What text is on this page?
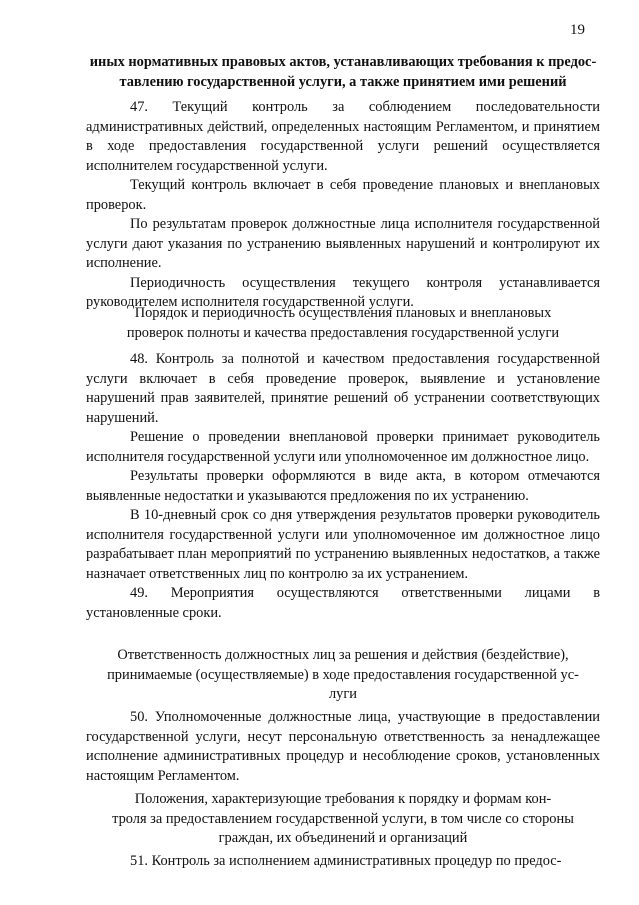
19
иных нормативных правовых актов, устанавливающих требования к предос-
тавлению государственной услуги, а также принятием ими решений
47. Текущий контроль за соблюдением последовательности административных действий, определенных настоящим Регламентом, и принятием в ходе предоставления государственной услуги решений осуществляется исполнителем государственной услуги.
Текущий контроль включает в себя проведение плановых и внеплановых проверок.
По результатам проверок должностные лица исполнителя государственной услуги дают указания по устранению выявленных нарушений и контролируют их исполнение.
Периодичность осуществления текущего контроля устанавливается руководителем исполнителя государственной услуги.
Порядок и периодичность осуществления плановых и внеплановых
проверок полноты и качества предоставления государственной услуги
48. Контроль за полнотой и качеством предоставления государственной услуги включает в себя проведение проверок, выявление и установление нарушений прав заявителей, принятие решений об устранении соответствующих нарушений.
Решение о проведении внеплановой проверки принимает руководитель исполнителя государственной услуги или уполномоченное им должностное лицо.
Результаты проверки оформляются в виде акта, в котором отмечаются выявленные недостатки и указываются предложения по их устранению.
В 10-дневный срок со дня утверждения результатов проверки руководитель исполнителя государственной услуги или уполномоченное им должностное лицо разрабатывает план мероприятий по устранению выявленных недостатков, а также назначает ответственных лиц по контролю за их устранением.
49. Мероприятия осуществляются ответственными лицами в установленные сроки.
Ответственность должностных лиц за решения и действия (бездействие),
принимаемые (осуществляемые) в ходе предоставления государственной ус-
луги
50. Уполномоченные должностные лица, участвующие в предоставлении государственной услуги, несут персональную ответственность за ненадлежащее исполнение административных процедур и несоблюдение сроков, установленных настоящим Регламентом.
Положения, характеризующие требования к порядку и формам кон-
троля за предоставлением государственной услуги, в том числе со стороны
граждан, их объединений и организаций
51. Контроль за исполнением административных процедур по предос-
